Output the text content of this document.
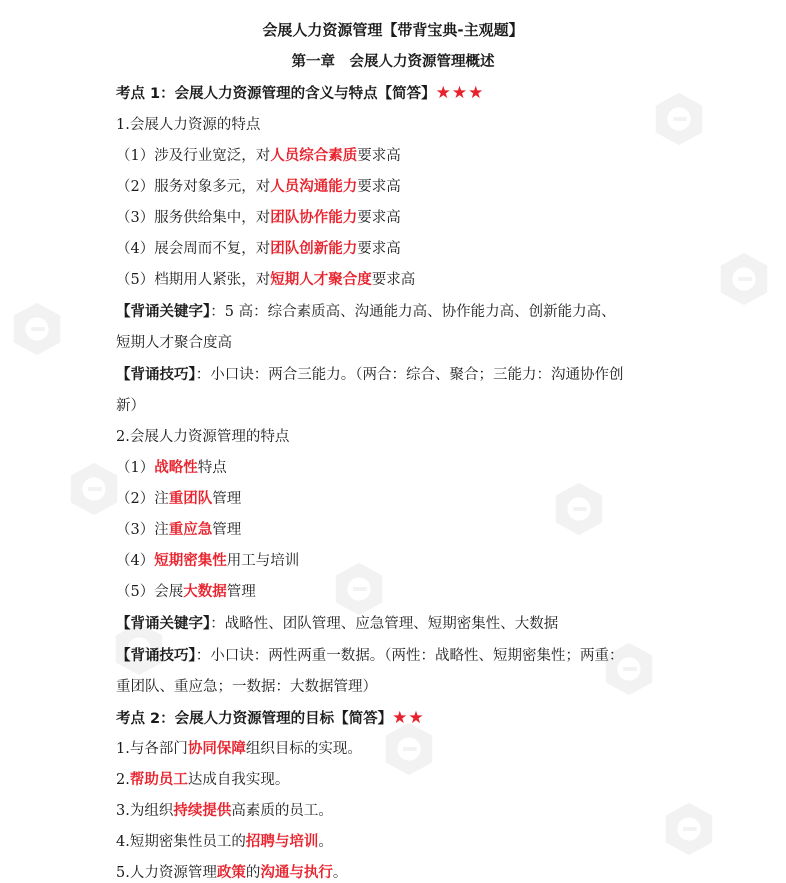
会展人力资源管理【带背宝典-主观题】
第一章　会展人力资源管理概述
考点 1：会展人力资源管理的含义与特点【简答】★★★
1.会展人力资源的特点
（1）涉及行业宽泛，对人员综合素质要求高
（2）服务对象多元，对人员沟通能力要求高
（3）服务供给集中，对团队协作能力要求高
（4）展会周而不复，对团队创新能力要求高
（5）档期用人紧张，对短期人才聚合度要求高
【背诵关键字】：5 高：综合素质高、沟通能力高、协作能力高、创新能力高、
短期人才聚合度高
【背诵技巧】：小口诀：两合三能力。（两合：综合、聚合；三能力：沟通协作创
新）
2.会展人力资源管理的特点
（1）战略性特点
（2）注重团队管理
（3）注重应急管理
（4）短期密集性用工与培训
（5）会展大数据管理
【背诵关键字】：战略性、团队管理、应急管理、短期密集性、大数据
【背诵技巧】：小口诀：两性两重一数据。（两性：战略性、短期密集性；两重：
重团队、重应急；一数据：大数据管理）
考点 2：会展人力资源管理的目标【简答】★★
1.与各部门协同保障组织目标的实现。
2.帮助员工达成自我实现。
3.为组织持续提供高素质的员工。
4.短期密集性员工的招聘与培训。
5.人力资源管理政策的沟通与执行。
